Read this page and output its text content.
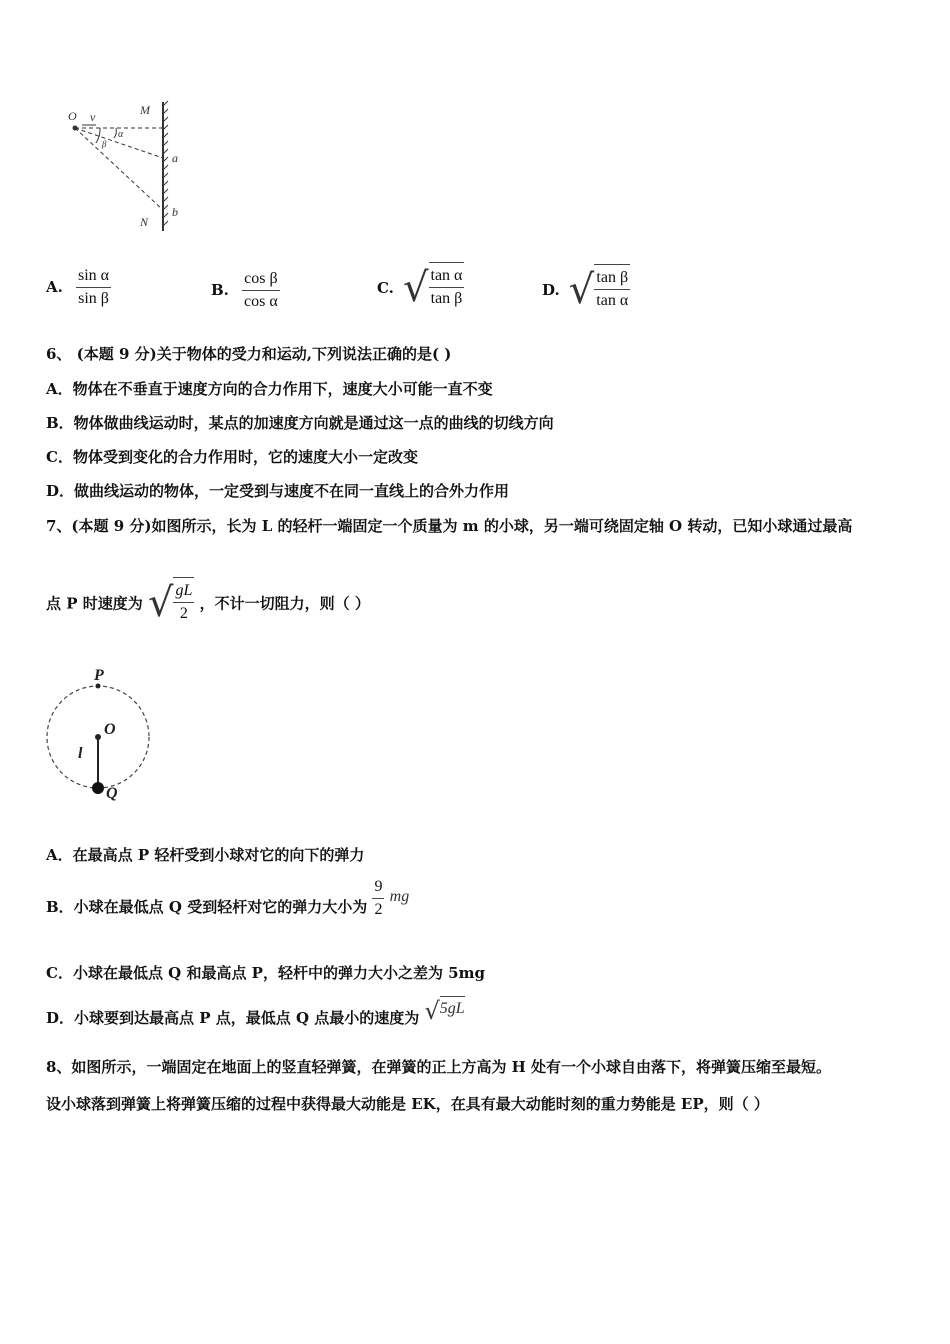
O v	M
α
β
a
N
b
A. $\frac{\text{sin α}}{\text{sin β}}$	B. $\frac{\text{cos β}}{\text{cos α}}$	C. √ $\frac{\text{tan α}}{\text{tan β}}$	D. √ $\frac{\text{tan β}}{\text{tan α}}$
6、 (本题 9 分)关于物体的受力和运动,下列说法正确的是( )
A．物体在不垂直于速度方向的合力作用下，速度大小可能一直不变
B．物体做曲线运动时，某点的加速度方向就是通过这一点的曲线的切线方向
C．物体受到变化的合力作用时，它的速度大小一定改变
D．做曲线运动的物体，一定受到与速度不在同一直线上的合外力作用
7、(本题 9 分)如图所示，长为 L 的轻杆一端固定一个质量为 m 的小球，另一端可绕固定轴 O 转动，已知小球通过最高
点 P 时速度为 √ $\frac{gL}{2}$ ，不计一切阻力，则（ ）
P
O
l
Q
A．在最高点 P 轻杆受到小球对它的向下的弹力
B．小球在最低点 Q 受到轻杆对它的弹力大小为 $\frac{9}{2}$ mg
C．小球在最低点 Q 和最高点 P，轻杆中的弹力大小之差为 5mg
D．小球要到达最高点 P 点，最低点 Q 点最小的速度为 √ 5gL
8、如图所示，一端固定在地面上的竖直轻弹簧，在弹簧的正上方高为 H 处有一个小球自由落下，将弹簧压缩至最短。
设小球落到弹簧上将弹簧压缩的过程中获得最大动能是 EK，在具有最大动能时刻的重力势能是 EP，则（ ）
